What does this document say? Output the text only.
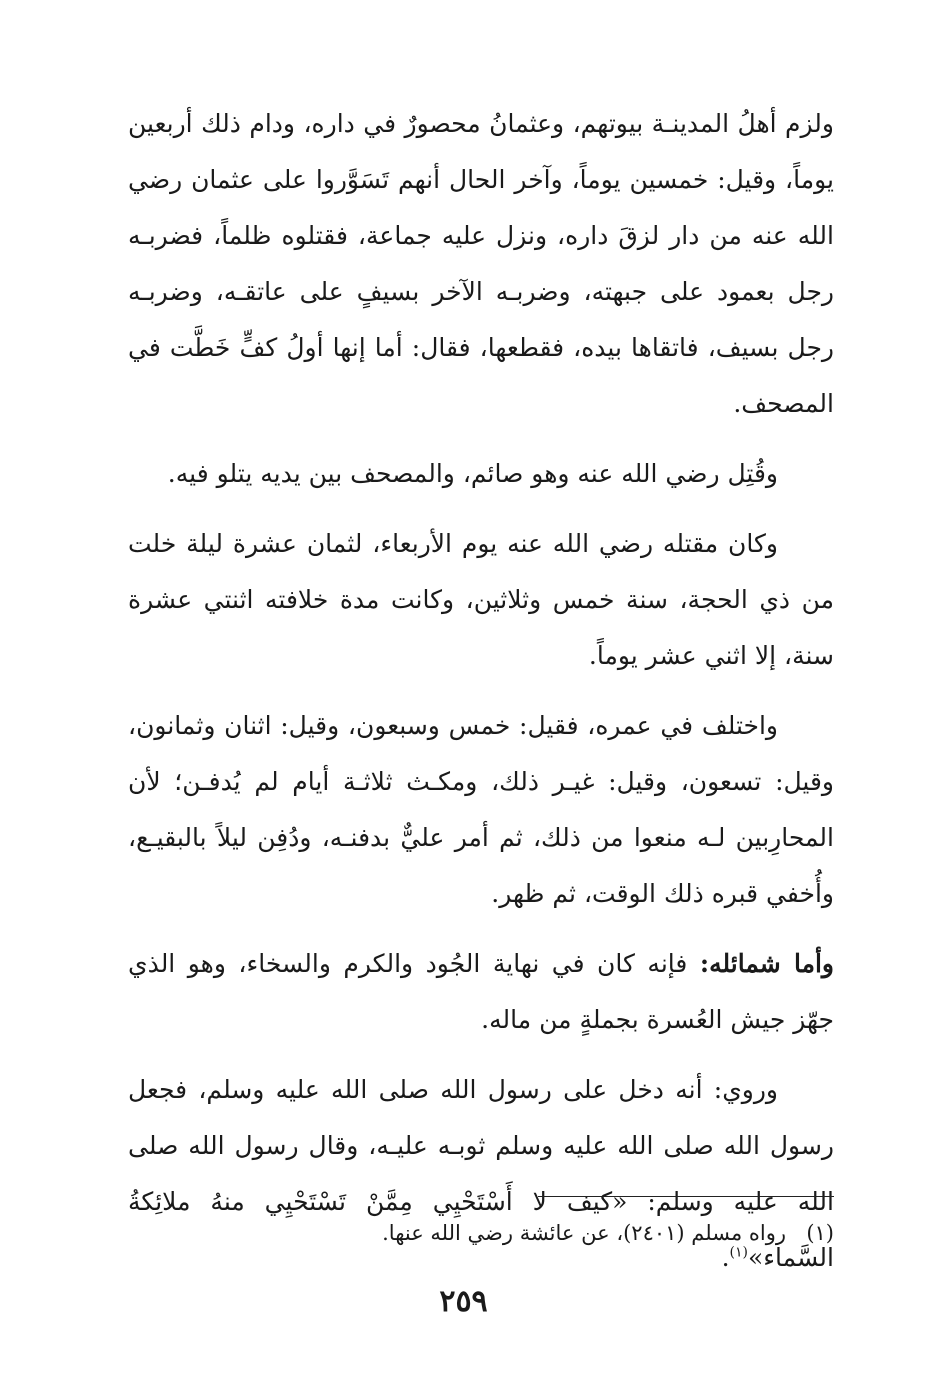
ولزم أهلُ المدينـة بيوتهم، وعثمانُ محصورٌ في داره، ودام ذلك أربعين يوماً، وقيل: خمسين يوماً، وآخر الحال أنهم تَسَوَّروا على عثمان رضي الله عنه من دار لزقَ داره، ونزل عليه جماعة، فقتلوه ظلماً، فضربـه رجل بعمود على جبهته، وضربـه الآخر بسيفٍ على عاتقـه، وضربـه رجل بسيف، فاتقاها بيده، فقطعها، فقال: أما إنها أولُ كفٍّ خَطَّت في المصحف.

وقُتِل رضي الله عنه وهو صائم، والمصحف بين يديه يتلو فيه.

وكان مقتله رضي الله عنه يوم الأربعاء، لثمان عشرة ليلة خلت من ذي الحجة، سنة خمس وثلاثين، وكانت مدة خلافته اثنتي عشرة سنة، إلا اثني عشر يوماً.

واختلف في عمره، فقيل: خمس وسبعون، وقيل: اثنان وثمانون، وقيل: تسعون، وقيل: غيـر ذلك، ومكـث ثلاثـة أيام لم يُدفـن؛ لأن المحارِبين لـه منعوا من ذلك، ثم أمر عليٌّ بدفنـه، ودُفِن ليلاً بالبقيـع، وأُخفي قبره ذلك الوقت، ثم ظهر.

وأما شمائله: فإنه كان في نهاية الجُود والكرم والسخاء، وهو الذي جهّز جيش العُسرة بجملةٍ من ماله.

وروي: أنه دخل على رسول الله صلى الله عليه وسلم، فجعل رسول الله صلى الله عليه وسلم ثوبـه عليـه، وقال رسول الله صلى الله عليه وسلم: «كيف لا أَسْتَحْيِي مِمَّنْ تَسْتَحْيِي منهُ ملائِكةُ السَّماء»$^{(١)}$.

(١)رواه مسلم (٢٤٠١)، عن عائشة رضي الله عنها.

٢٥٩
